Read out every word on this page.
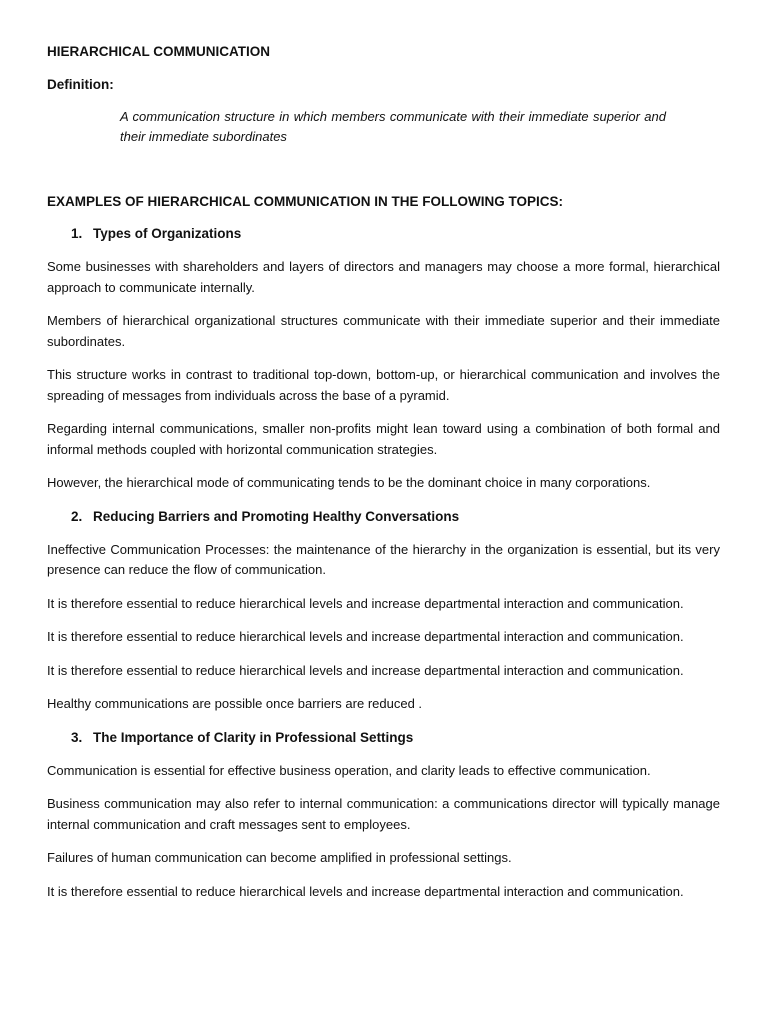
HIERARCHICAL COMMUNICATION

Definition:

A communication structure in which members communicate with their immediate superior and their immediate subordinates

EXAMPLES OF HIERARCHICAL COMMUNICATION IN THE FOLLOWING TOPICS:

1. Types of Organizations

Some businesses with shareholders and layers of directors and managers may choose a more formal, hierarchical approach to communicate internally.

Members of hierarchical organizational structures communicate with their immediate superior and their immediate subordinates.

This structure works in contrast to traditional top-down, bottom-up, or hierarchical communication and involves the spreading of messages from individuals across the base of a pyramid.

Regarding internal communications, smaller non-profits might lean toward using a combination of both formal and informal methods coupled with horizontal communication strategies.

However, the hierarchical mode of communicating tends to be the dominant choice in many corporations.

2. Reducing Barriers and Promoting Healthy Conversations

Ineffective Communication Processes: the maintenance of the hierarchy in the organization is essential, but its very presence can reduce the flow of communication.

It is therefore essential to reduce hierarchical levels and increase departmental interaction and communication.

It is therefore essential to reduce hierarchical levels and increase departmental interaction and communication.

It is therefore essential to reduce hierarchical levels and increase departmental interaction and communication.

Healthy communications are possible once barriers are reduced .

3. The Importance of Clarity in Professional Settings

Communication is essential for effective business operation, and clarity leads to effective communication.

Business communication may also refer to internal communication: a communications director will typically manage internal communication and craft messages sent to employees.

Failures of human communication can become amplified in professional settings.

It is therefore essential to reduce hierarchical levels and increase departmental interaction and communication.
